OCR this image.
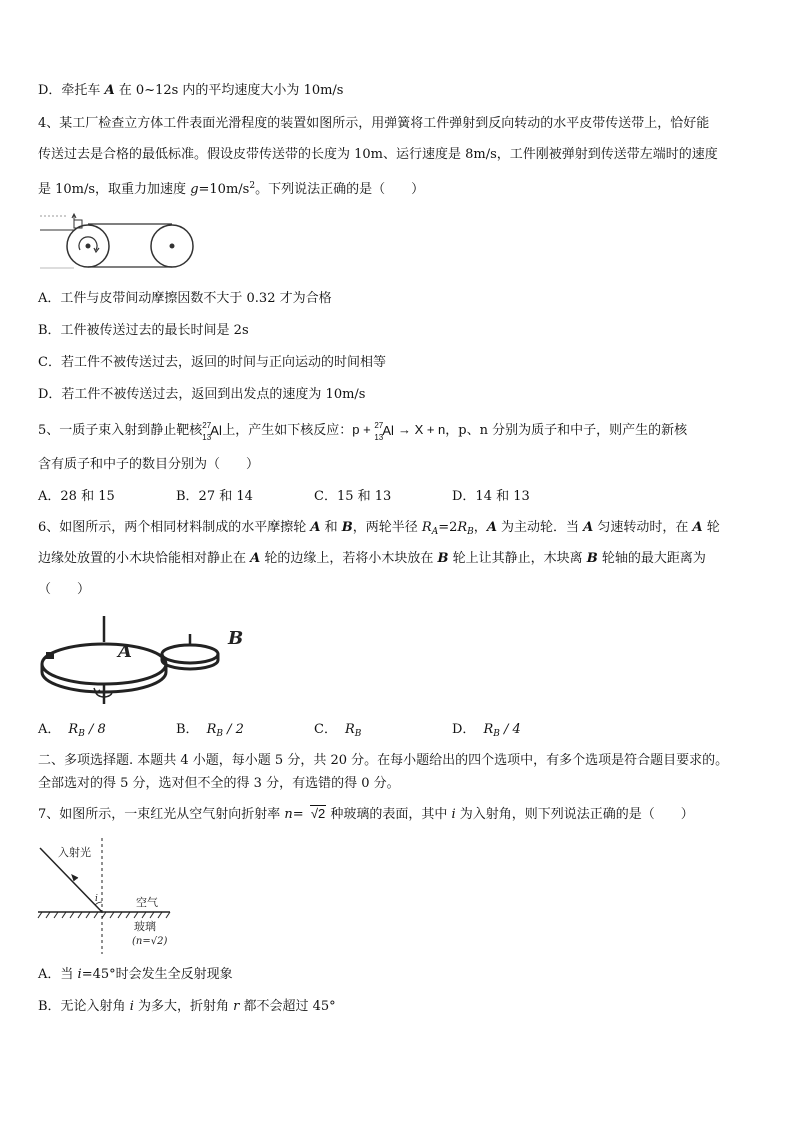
D．牵托车 A 在 0~12s 内的平均速度大小为 10m/s
4、某工厂检查立方体工件表面光滑程度的装置如图所示，用弹簧将工件弹射到反向转动的水平皮带传送带上，恰好能
传送过去是合格的最低标准。假设皮带传送带的长度为 10m、运行速度是 8m/s，工件刚被弹射到传送带左端时的速度
是 10m/s，取重力加速度 $g=10m/s^2$。下列说法正确的是（　　）
A．工件与皮带间动摩擦因数不大于 0.32 才为合格
B．工件被传送过去的最长时间是 2s
C．若工件不被传送过去，返回的时间与正向运动的时间相等
D．若工件不被传送过去，返回到出发点的速度为 10m/s
5、一质子束入射到静止靶核 27
13 Al 上，产生如下核反应：p + 27
13 Al → X + n，p、n 分别为质子和中子，则产生的新核
含有质子和中子的数目分别为（　　）
A．28 和 15	B．27 和 14	C．15 和 13	D．14 和 13
6、如图所示，两个相同材料制成的水平摩擦轮 A 和 B，两轮半径 $R_A=2R_B$，A 为主动轮．当 A 匀速转动时，在 A 轮
边缘处放置的小木块恰能相对静止在 A 轮的边缘上，若将小木块放在 B 轮上让其静止，木块离 B 轮轴的最大距离为
（　　）
A
B
A． $R_B / 8$	B． $R_B / 2$	C． $R_B$	D． $R_B / 4$
二、多项选择题. 本题共 4 小题，每小题 5 分，共 20 分。在每小题给出的四个选项中，有多个选项是符合题目要求的。
全部选对的得 5 分，选对但不全的得 3 分，有选错的得 0 分。
7、如图所示，一束红光从空气射向折射率 n= √2 种玻璃的表面，其中 i 为入射角，则下列说法正确的是（　　）
入射光
i	空气
玻璃
(n=√2)
A．当 i=45°时会发生全反射现象
B．无论入射角 i 为多大，折射角 r 都不会超过 45°
